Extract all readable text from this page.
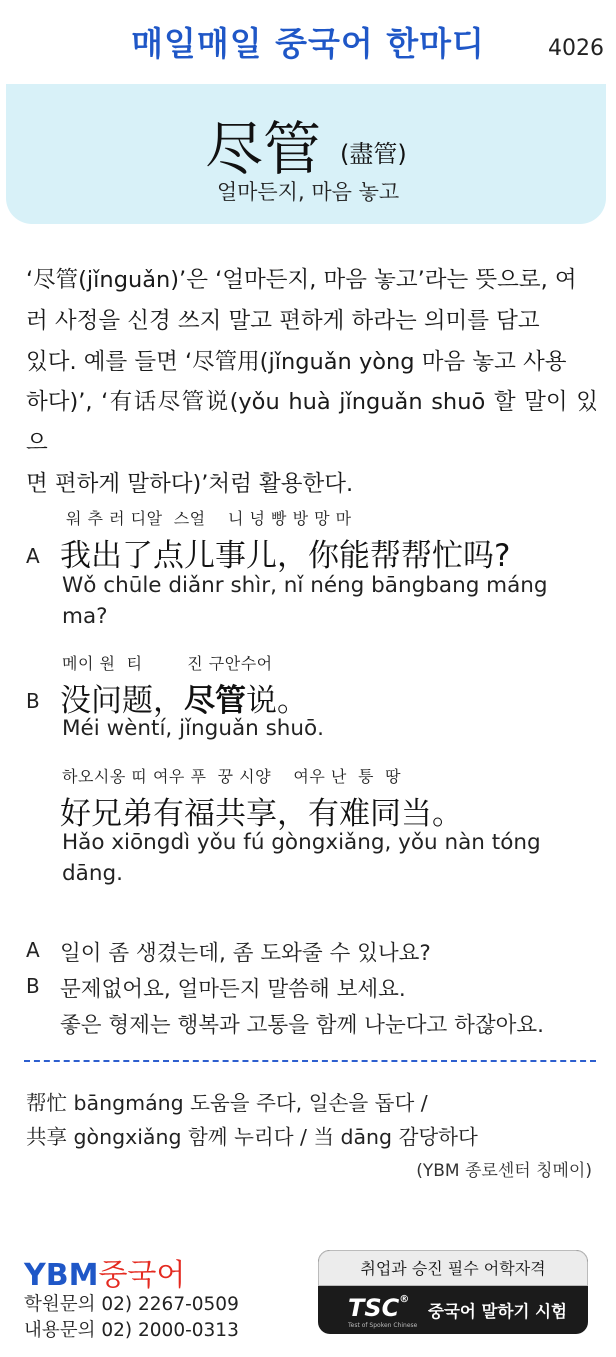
매일매일 중국어 한마디	4026
尽管 (盡管)
얼마든지, 마음 놓고
‘尽管(jǐnguǎn)’은 ‘얼마든지, 마음 놓고’라는 뜻으로, 여
러 사정을 신경 쓰지 말고 편하게 하라는 의미를 담고
있다. 예를 들면 ‘尽管用(jǐnguǎn yòng 마음 놓고 사용
하다)’, ‘有话尽管说(yǒu huà jǐnguǎn shuō 할 말이 있으
면 편하게 말하다)’처럼 활용한다.
워 추 러 디알  스얼    니 넝 빵 방 망 마
A 我出了点儿事儿，你能帮帮忙吗?
Wǒ chūle diǎnr shìr, nǐ néng bāngbang máng
ma?
메이 원  티        진 구안수어
B 没问题，尽管说。
Méi wèntí, jǐnguǎn shuō.
하오시옹 띠 여우 푸  꿍 시양    여우 난  퉁  땅
好兄弟有福共享，有难同当。
Hǎo xiōngdì yǒu fú gòngxiǎng, yǒu nàn tóng
dāng.
A 일이 좀 생겼는데, 좀 도와줄 수 있나요?
B 문제없어요, 얼마든지 말씀해 보세요.
좋은 형제는 행복과 고통을 함께 나눈다고 하잖아요.
帮忙 bāngmáng 도움을 주다, 일손을 돕다 /
共享 gòngxiǎng 함께 누리다 / 当 dāng 감당하다
(YBM 종로센터 칭메이)
YBM중국어
학원문의 02) 2267-0509
내용문의 02) 2000-0313
취업과 승진 필수 어학자격
TSC®
Test of Spoken Chinese
중국어 말하기 시험
